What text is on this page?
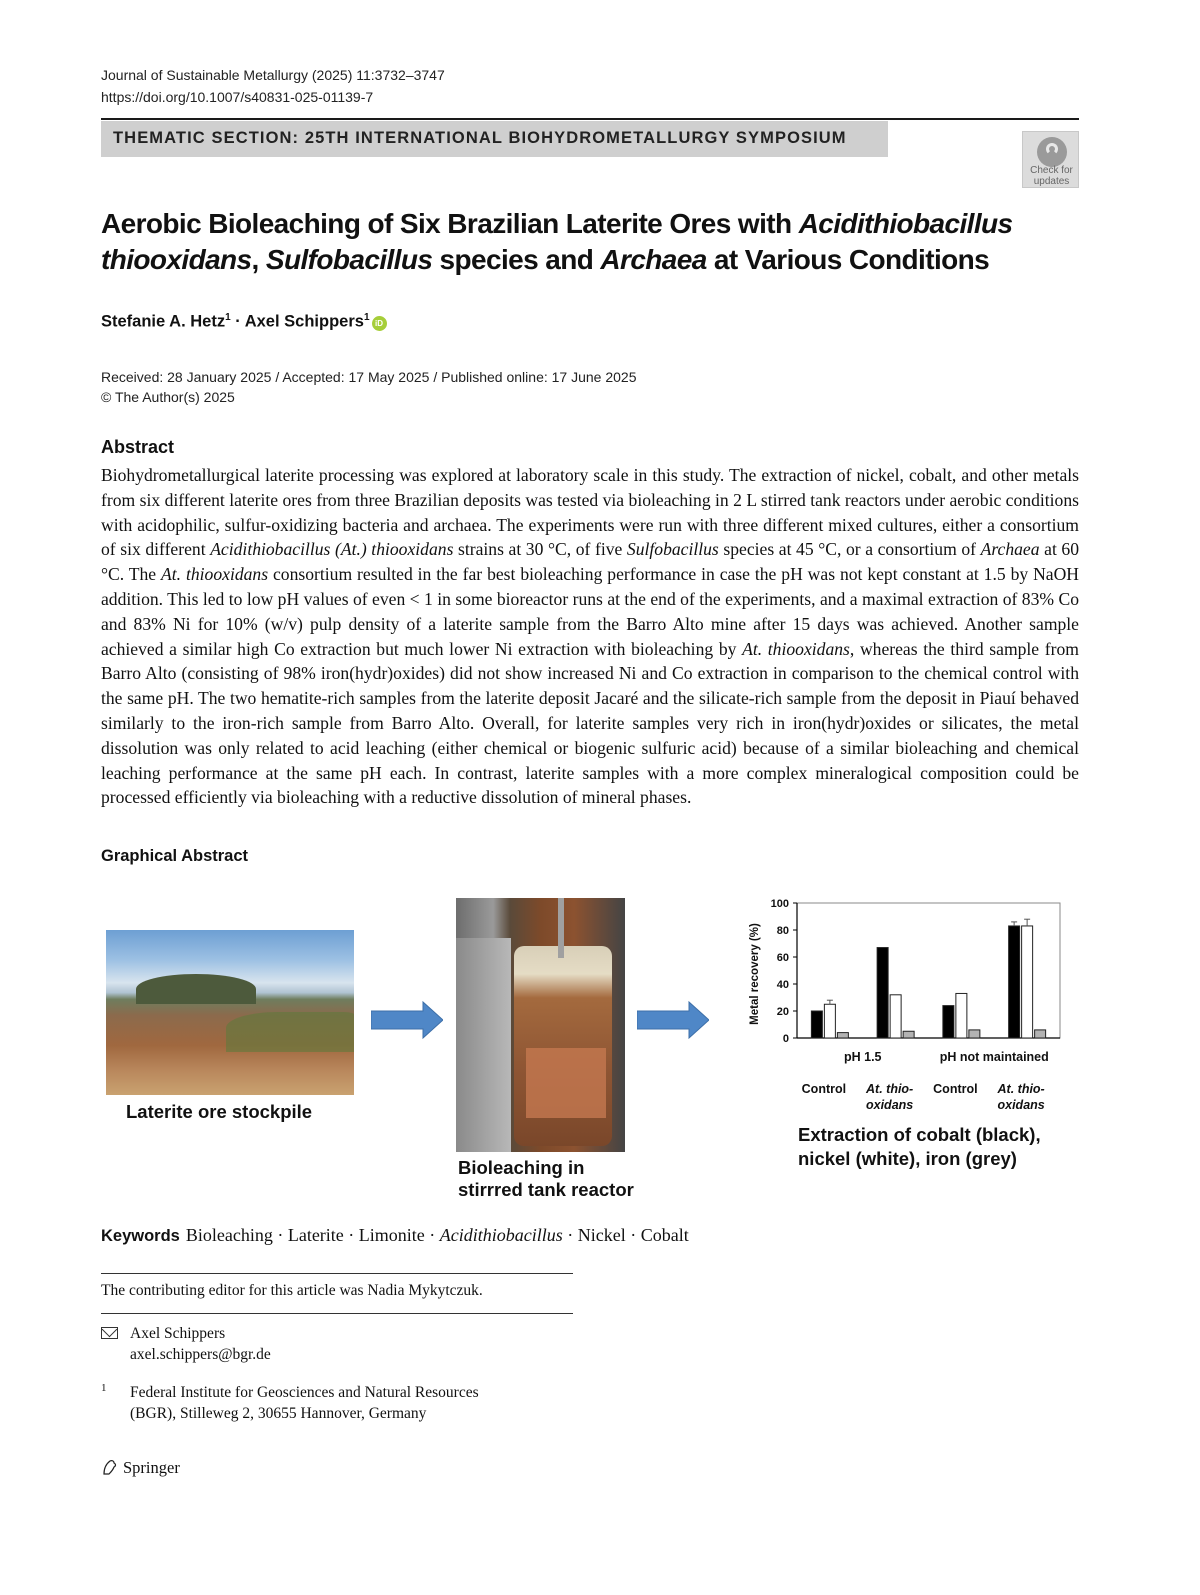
Journal of Sustainable Metallurgy (2025) 11:3732–3747
https://doi.org/10.1007/s40831-025-01139-7
THEMATIC SECTION: 25TH INTERNATIONAL BIOHYDROMETALLURGY SYMPOSIUM
Check for updates
Aerobic Bioleaching of Six Brazilian Laterite Ores with Acidithiobacillus thiooxidans, Sulfobacillus species and Archaea at Various Conditions
Stefanie A. Hetz$^1$ · Axel Schippers$^1$ iD
Received: 28 January 2025 / Accepted: 17 May 2025 / Published online: 17 June 2025
© The Author(s) 2025
Abstract
Biohydrometallurgical laterite processing was explored at laboratory scale in this study. The extraction of nickel, cobalt, and other metals from six different laterite ores from three Brazilian deposits was tested via bioleaching in 2 L stirred tank reactors under aerobic conditions with acidophilic, sulfur-oxidizing bacteria and archaea. The experiments were run with three different mixed cultures, either a consortium of six different Acidithiobacillus (At.) thiooxidans strains at 30 °C, of five Sulfobacillus species at 45 °C, or a consortium of Archaea at 60 °C. The At. thiooxidans consortium resulted in the far best bioleaching performance in case the pH was not kept constant at 1.5 by NaOH addition. This led to low pH values of even < 1 in some bioreactor runs at the end of the experiments, and a maximal extraction of 83% Co and 83% Ni for 10% (w/v) pulp density of a laterite sample from the Barro Alto mine after 15 days was achieved. Another sample achieved a similar high Co extraction but much lower Ni extraction with bioleaching by At. thiooxidans, whereas the third sample from Barro Alto (consisting of 98% iron(hydr)oxides) did not show increased Ni and Co extraction in comparison to the chemical control with the same pH. The two hematite-rich samples from the laterite deposit Jacaré and the silicate-rich sample from the deposit in Piauí behaved similarly to the iron-rich sample from Barro Alto. Overall, for laterite samples very rich in iron(hydr)oxides or silicates, the metal dissolution was only related to acid leaching (either chemical or biogenic sulfuric acid) because of a similar bioleaching and chemical leaching performance at the same pH each. In contrast, laterite samples with a more complex mineralogical composition could be processed efficiently via bioleaching with a reductive dissolution of mineral phases.
Graphical Abstract
Laterite ore stockpile
Bioleaching in
stirrred tank reactor
Metal recovery (%)
0
20
40
60
80
100
Control At. thio-
oxidans
Control At. thio-
oxidans
pH 1.5	pH not maintained
Extraction of cobalt (black),
nickel (white), iron (grey)
Keywords Bioleaching · Laterite · Limonite · Acidithiobacillus · Nickel · Cobalt
The contributing editor for this article was Nadia Mykytczuk.
Axel Schippers
axel.schippers@bgr.de
1 Federal Institute for Geosciences and Natural Resources
(BGR), Stilleweg 2, 30655 Hannover, Germany
Springer
